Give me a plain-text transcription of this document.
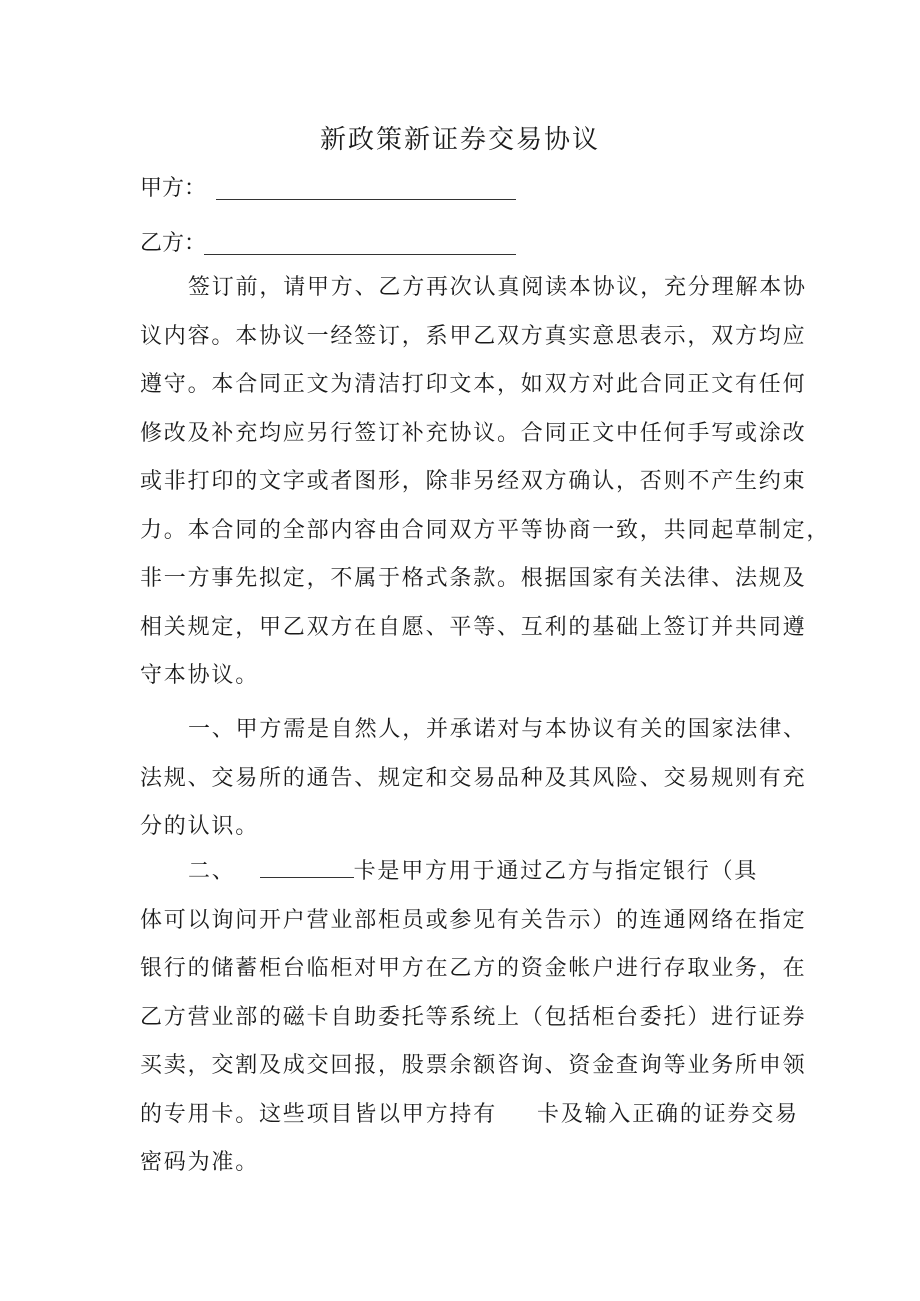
新政策新证券交易协议
甲方：
乙方：
签订前，请甲方、乙方再次认真阅读本协议，充分理解本协
议内容。本协议一经签订，系甲乙双方真实意思表示，双方均应
遵守。本合同正文为清洁打印文本，如双方对此合同正文有任何
修改及补充均应另行签订补充协议。合同正文中任何手写或涂改
或非打印的文字或者图形，除非另经双方确认，否则不产生约束
力。本合同的全部内容由合同双方平等协商一致，共同起草制定，
非一方事先拟定，不属于格式条款。根据国家有关法律、法规及
相关规定，甲乙双方在自愿、平等、互利的基础上签订并共同遵
守本协议。
一、甲方需是自然人，并承诺对与本协议有关的国家法律、
法规、交易所的通告、规定和交易品种及其风险、交易规则有充
分的认识。
二、	卡是甲方用于通过乙方与指定银行（具
体可以询问开户营业部柜员或参见有关告示）的连通网络在指定
银行的储蓄柜台临柜对甲方在乙方的资金帐户进行存取业务，在
乙方营业部的磁卡自助委托等系统上（包括柜台委托）进行证券
买卖，交割及成交回报，股票余额咨询、资金查询等业务所申领
的专用卡。这些项目皆以甲方持有 卡及输入正确的证券交易
密码为准。
